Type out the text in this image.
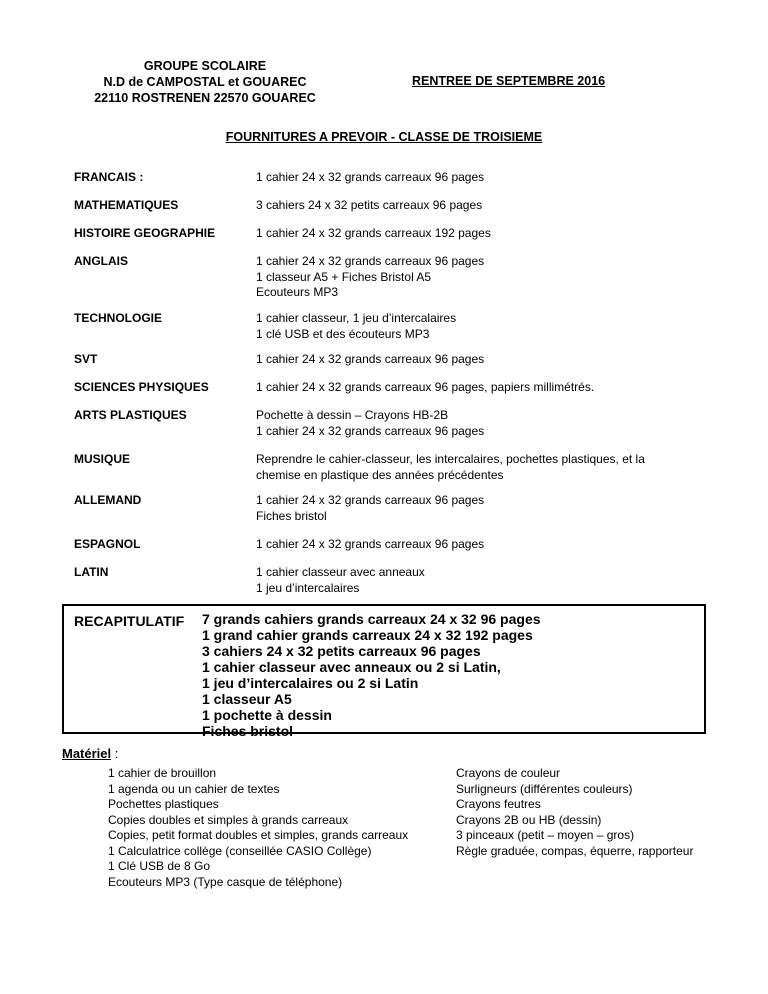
GROUPE SCOLAIRE
N.D de CAMPOSTAL et GOUAREC
22110 ROSTRENEN 22570 GOUAREC
RENTREE DE SEPTEMBRE 2016
FOURNITURES A PREVOIR - CLASSE DE TROISIEME
FRANCAIS :	1 cahier 24 x 32 grands carreaux 96 pages
MATHEMATIQUES	3 cahiers 24 x 32 petits carreaux 96 pages
HISTOIRE GEOGRAPHIE	1 cahier 24 x 32 grands carreaux 192 pages
ANGLAIS	1 cahier 24 x 32 grands carreaux 96 pages
1 classeur A5 + Fiches Bristol A5
Ecouteurs MP3
TECHNOLOGIE	1 cahier classeur, 1 jeu d’intercalaires
1 clé USB et des écouteurs MP3
SVT	1 cahier 24 x 32 grands carreaux 96 pages
SCIENCES PHYSIQUES	1 cahier 24 x 32 grands carreaux 96 pages, papiers millimétrés.
ARTS PLASTIQUES	Pochette à dessin – Crayons HB-2B
1 cahier 24 x 32 grands carreaux 96 pages
MUSIQUE	Reprendre le cahier-classeur, les intercalaires, pochettes plastiques, et la
chemise en plastique des années précédentes
ALLEMAND	1 cahier 24 x 32 grands carreaux 96 pages
Fiches bristol
ESPAGNOL	1 cahier 24 x 32 grands carreaux 96 pages
LATIN	1 cahier classeur avec anneaux
1 jeu d’intercalaires
RECAPITULATIF 7 grands cahiers grands carreaux 24 x 32 96 pages
1 grand cahier grands carreaux 24 x 32 192 pages
3 cahiers 24 x 32 petits carreaux 96 pages
1 cahier classeur avec anneaux ou 2 si Latin,
1 jeu d’intercalaires ou 2 si Latin
1 classeur A5
1 pochette à dessin
Fiches bristol
Matériel :
1 cahier de brouillon
1 agenda ou un cahier de textes
Pochettes plastiques
Copies doubles et simples à grands carreaux
Copies, petit format doubles et simples, grands carreaux
1 Calculatrice collège (conseillée CASIO Collège)
1 Clé USB de 8 Go
Ecouteurs MP3 (Type casque de téléphone)
Crayons de couleur
Surligneurs (différentes couleurs)
Crayons feutres
Crayons 2B ou HB (dessin)
3 pinceaux (petit – moyen – gros)
Règle graduée, compas, équerre, rapporteur
